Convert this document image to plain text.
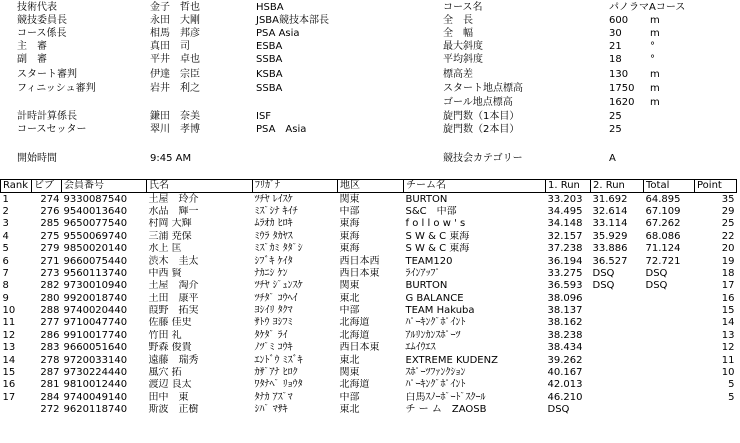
技術代表	金子　哲也	HSBA
競技委員長	永田　大剛	JSBA競技本部長
コース係長	相馬　邦彦	PSA Asia
主　審	真田　司	ESBA
副　審	平井　卓也	SSBA
スタート審判	伊達　宗臣	KSBA
フィニッシュ審判	岩井　利之	SSBA
計時計算係長	鎌田　奈美	ISF
コースセッター	翠川　孝博	PSA　Asia
開始時間	9:45 AM
コース名	パノラマAコース
全　長	600 m
全　幅	30	m
最大斜度	21	°
平均斜度	18	°
標高差	130 m
スタート地点標高	1750 m
ゴール地点標高	1620 m
旋門数（1本目）	25
旋門数（2本目）	25
競技会カテゴリー	A
Rank	ビブ	会員番号	氏名	ﾌﾘｶﾞﾅ	地区	チーム名	1. Run	2. Run	Total	Point
1	274	9330087540	土屋　玲介	ﾂﾁﾔ ﾚｲｽｹ	関東	BURTON	33.203	31.692	64.895	35
2	276	9540013640	水品　輝一	ﾐｽﾞｼﾅ ｷｲﾁ	中部	S&C　中部	34.495	32.614	67.109	29
3	285	9650077540	村岡 大輝	ﾑﾗｵｶ ﾋﾛｷ	東海	f o l l o w ' s	34.148	33.114	67.262	25
4	275	9550069740	三浦 尭保	ﾐｳﾗ ﾀｶﾔｽ	東海	S W & C 東海	32.157	35.929	68.086	22
5	279	9850020140	水上 匡	ﾐｽﾞｶﾐ ﾀﾀﾞｼ	東海	S W & C 東海	37.238	33.886	71.124	20
6	271	9660075440	渋木　圭太	ｼﾌﾞｷ ｹｲﾀ	西日本西	TEAM120	36.194	36.527	72.721	19
7	273	9560113740	中西 賢	ﾅｶﾆｼ ｹﾝ	西日本東	ﾗｲﾝｱｯﾌﾟ	33.275	DSQ	DSQ	18
8	282	9730010940	土屋　淘介	ﾂﾁﾔ ｼﾞｭﾝｽｹ	関東	BURTON	36.593	DSQ	DSQ	17
9	280	9920018740	土田　康平	ﾂﾁﾀﾞ ｺｳﾍｲ	東北	G BALANCE	38.096			16
10	288	9740020440	葭野　拓実	ﾖｼｲﾘ ﾀｸﾏ	中部	TEAM Hakuba	38.137			15
11	277	9710047740	佐藤 佳史	ｻﾄｳ ﾖｼﾌﾐ	北海道	ﾊﾟｰｷﾝｸﾞﾎﾟｲﾝﾄ	38.162			14
12	286	9910017740	竹田 礼	ﾀｹﾀﾞ ﾗｲ	北海道	ｱﾙﾘﾝｶﾝｽﾎﾟｰﾂ	38.238			13
13	283	9660051640	野森 俊貴	ﾉﾂﾞﾐ ｺｳｷ	西日本東	ｴﾑｲｳｴｽ	38.434			12
14	278	9720033140	遠藤　瑞秀	ｴﾝﾄﾞｳ ﾐｽﾞｷ	東北	EXTREME KUDENZ	39.262			11
15	287	9730224440	風穴 拓	ｶｻﾞｱﾅ ﾋﾛｸ	関東	ｽﾎﾟｰﾂﾌｧﾝｸｼｮﾝ	40.167			10
16	281	9810012440	渡辺 良太	ﾜﾀﾅﾍﾞ ﾘｮｳﾀ	北海道	ﾊﾟｰｷﾝｸﾞﾎﾟｲﾝﾄ	42.013			5
17	284	9740049140	田中　東	ﾀﾅｶ ｱｽﾞﾏ	中部	白馬ｽﾉｰﾎﾞｰﾄﾞｽｸｰﾙ	46.210			5
	272	9620118740	斯波　正樹	ｼﾊﾞ ﾏｻｷ	東北	チ ー ム　ZAOSB	DSQ			
